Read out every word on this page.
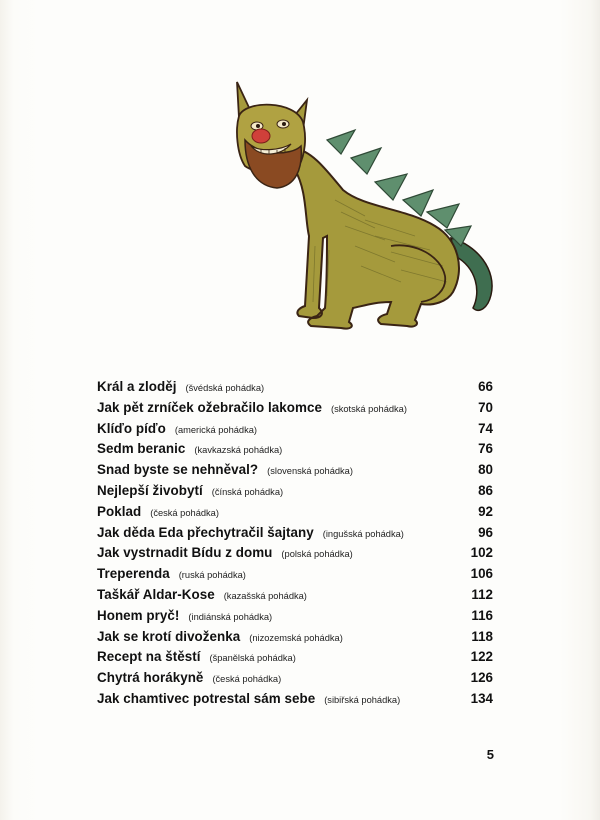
Král a zloděj (švédská pohádka)	66
Jak pět zrníček ožebračilo lakomce (skotská pohádka)	70
Klíďo píďo (americká pohádka)	74
Sedm beranic (kavkazská pohádka)	76
Snad byste se nehněval? (slovenská pohádka)	80
Nejlepší živobytí (čínská pohádka)	86
Poklad (česká pohádka)	92
Jak děda Eda přechytračil šajtany (ingušská pohádka)	96
Jak vystrnadit Bídu z domu (polská pohádka)	102
Treperenda (ruská pohádka)	106
Taškář Aldar-Kose (kazašská pohádka)	112
Honem pryč! (indiánská pohádka)	116
Jak se krotí divoženka (nizozemská pohádka)	118
Recept na štěstí (španělská pohádka)	122
Chytrá horákyně (česká pohádka)	126
Jak chamtivec potrestal sám sebe (sibiřská pohádka)	134
5
